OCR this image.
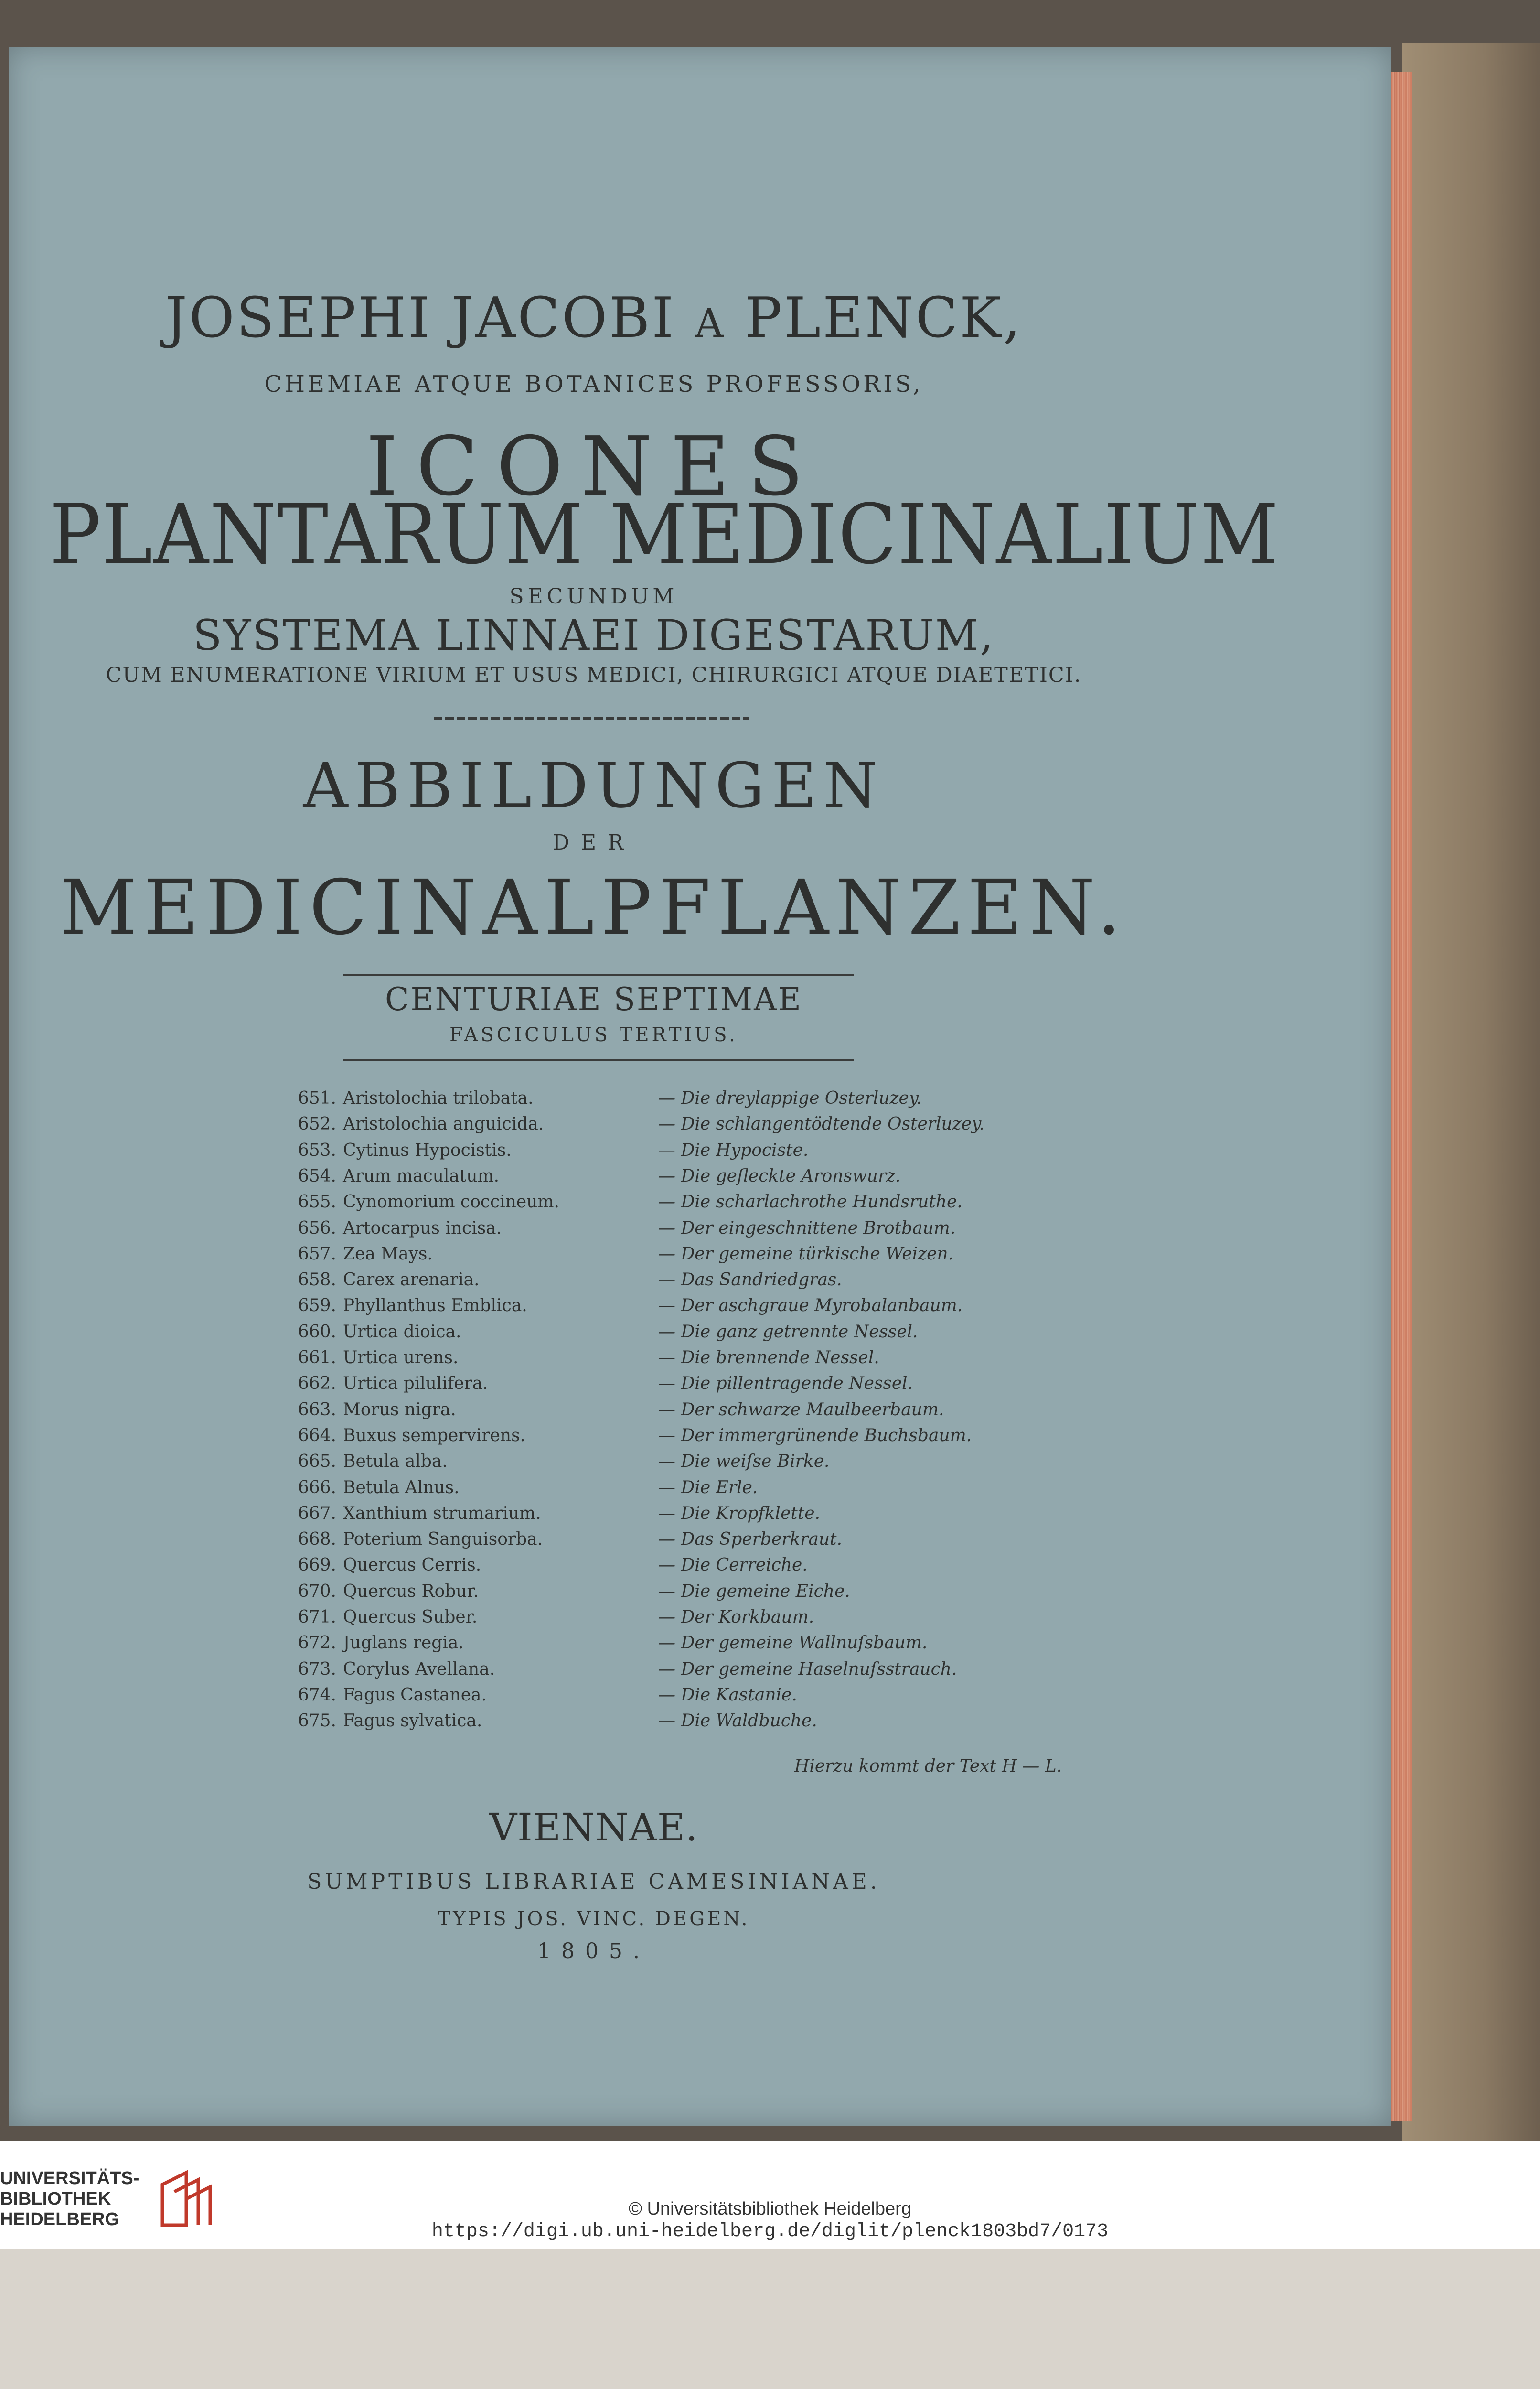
JOSEPHI JACOBI A PLENCK,
CHEMIAE ATQUE BOTANICES PROFESSORIS,
ICONES
PLANTARUM MEDICINALIUM
SECUNDUM
SYSTEMA LINNAEI DIGESTARUM,
CUM ENUMERATIONE VIRIUM ET USUS MEDICI, CHIRURGICI ATQUE DIAETETICI.
ABBILDUNGEN
DER
MEDICINALPFLANZEN.
CENTURIAE SEPTIMAE
FASCICULUS TERTIUS.
651. Aristolochia trilobata.	— Die dreylappige Osterluzey.
652. Aristolochia anguicida.	— Die schlangentödtende Osterluzey.
653. Cytinus Hypocistis.	— Die Hypociste.
654. Arum maculatum.	— Die gefleckte Aronswurz.
655. Cynomorium coccineum.	— Die scharlachrothe Hundsruthe.
656. Artocarpus incisa.	— Der eingeschnittene Brotbaum.
657. Zea Mays.	— Der gemeine türkische Weizen.
658. Carex arenaria.	— Das Sandriedgras.
659. Phyllanthus Emblica.	— Der aschgraue Myrobalanbaum.
660. Urtica dioica.	— Die ganz getrennte Nessel.
661. Urtica urens.	— Die brennende Nessel.
662. Urtica pilulifera.	— Die pillentragende Nessel.
663. Morus nigra.	— Der schwarze Maulbeerbaum.
664. Buxus sempervirens.	— Der immergrünende Buchsbaum.
665. Betula alba.	— Die weiſse Birke.
666. Betula Alnus.	— Die Erle.
667. Xanthium strumarium.	— Die Kropfklette.
668. Poterium Sanguisorba.	— Das Sperberkraut.
669. Quercus Cerris.	— Die Cerreiche.
670. Quercus Robur.	— Die gemeine Eiche.
671. Quercus Suber.	— Der Korkbaum.
672. Juglans regia.	— Der gemeine Wallnuſsbaum.
673. Corylus Avellana.	— Der gemeine Haselnuſsstrauch.
674. Fagus Castanea.	— Die Kastanie.
675. Fagus sylvatica.	— Die Waldbuche.
Hierzu kommt der Text H — L.
VIENNAE.
SUMPTIBUS LIBRARIAE CAMESINIANAE.
TYPIS JOS. VINC. DEGEN.
1805.
UNIVERSITÄTS-
BIBLIOTHEK
HEIDELBERG
© Universitätsbibliothek Heidelberg
https://digi.ub.uni-heidelberg.de/diglit/plenck1803bd7/0173
